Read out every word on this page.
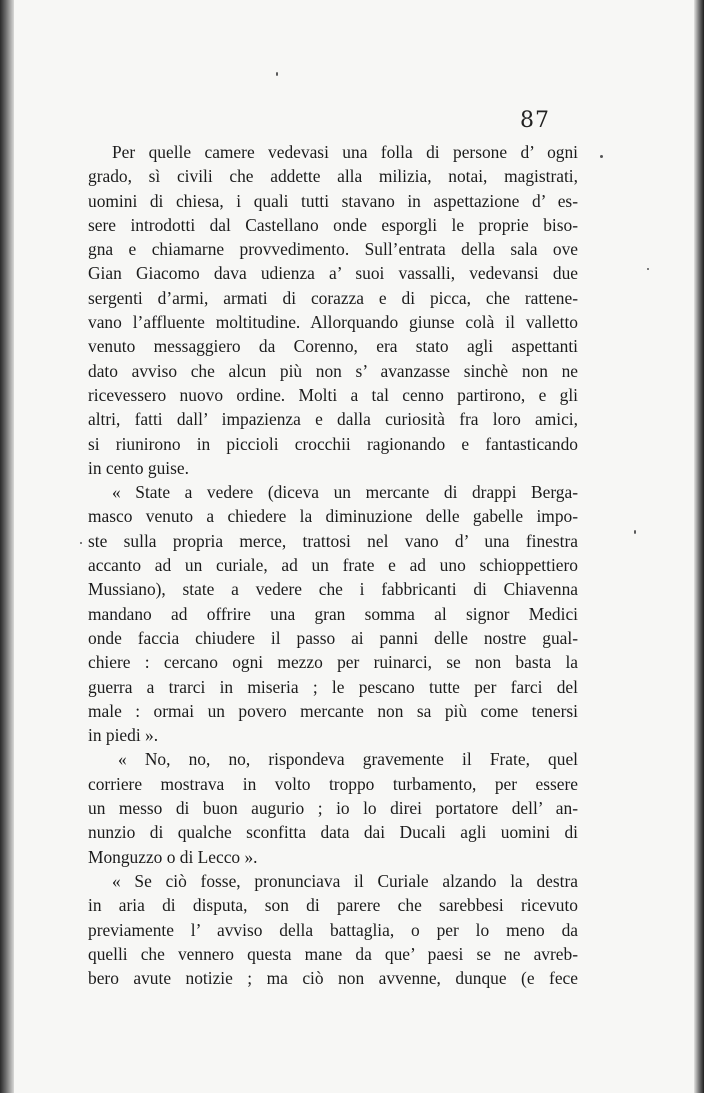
87
Per quelle camere vedevasi una folla di persone d’ ogni
grado, sì civili che addette alla milizia, notai, magistrati,
uomini di chiesa, i quali tutti stavano in aspettazione d’ es-
sere introdotti dal Castellano onde esporgli le proprie biso-
gna e chiamarne provvedimento. Sull’entrata della sala ove
Gian Giacomo dava udienza a’ suoi vassalli, vedevansi due
sergenti d’armi, armati di corazza e di picca, che rattene-
vano l’affluente moltitudine. Allorquando giunse colà il valletto
venuto messaggiero da Corenno, era stato agli aspettanti
dato avviso che alcun più non s’ avanzasse sinchè non ne
ricevessero nuovo ordine. Molti a tal cenno partirono, e gli
altri, fatti dall’ impazienza e dalla curiosità fra loro amici,
si riunirono in piccioli crocchii ragionando e fantasticando
in cento guise.
« State a vedere (diceva un mercante di drappi Berga-
masco venuto a chiedere la diminuzione delle gabelle impo-
ste sulla propria merce, trattosi nel vano d’ una finestra
accanto ad un curiale, ad un frate e ad uno schioppettiero
Mussiano), state a vedere che i fabbricanti di Chiavenna
mandano ad offrire una gran somma al signor Medici
onde faccia chiudere il passo ai panni delle nostre gual-
chiere : cercano ogni mezzo per ruinarci, se non basta la
guerra a trarci in miseria ; le pescano tutte per farci del
male : ormai un povero mercante non sa più come tenersi
in piedi ».
« No, no, no, rispondeva gravemente il Frate, quel
corriere mostrava in volto troppo turbamento, per essere
un messo di buon augurio ; io lo direi portatore dell’ an-
nunzio di qualche sconfitta data dai Ducali agli uomini di
Monguzzo o di Lecco ».
« Se ciò fosse, pronunciava il Curiale alzando la destra
in aria di disputa, son di parere che sarebbesi ricevuto
previamente l’ avviso della battaglia, o per lo meno da
quelli che vennero questa mane da que’ paesi se ne avreb-
bero avute notizie ; ma ciò non avvenne, dunque (e fece
